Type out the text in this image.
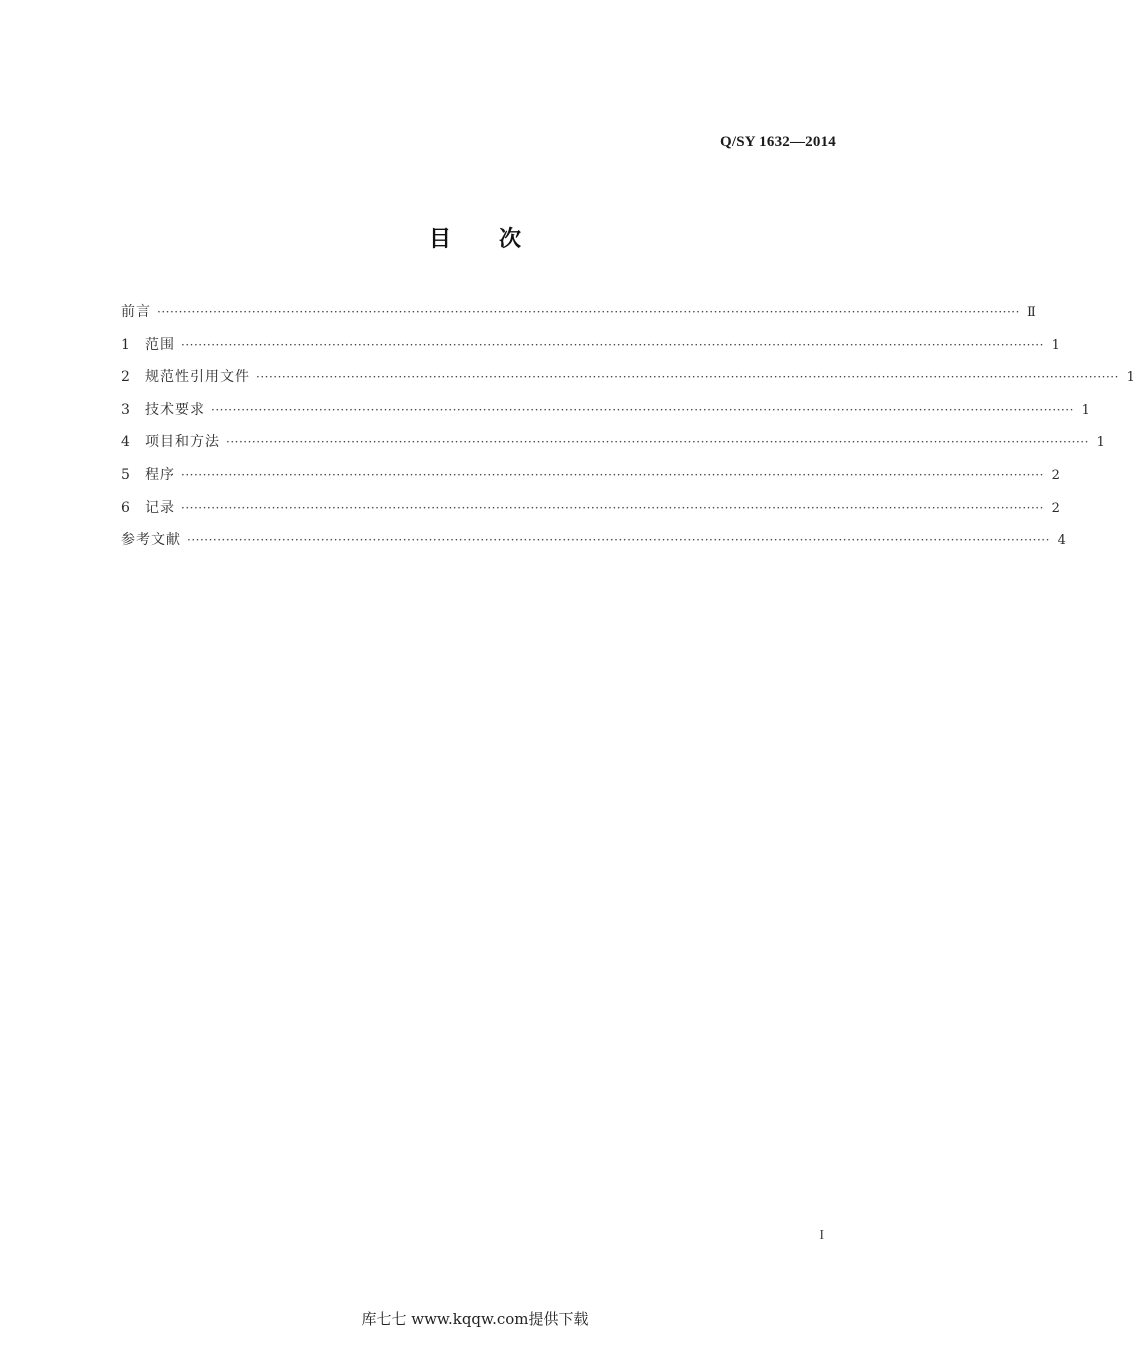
Q/SY 1632—2014
目 次
前言 ········································································································································································································ Ⅱ
1	范围 ········································································································································································································ 1
2	规范性引用文件 ········································································································································································································ 1
3	技术要求 ········································································································································································································ 1
4	项目和方法 ········································································································································································································ 1
5	程序 ········································································································································································································ 2
6	记录 ········································································································································································································ 2
参考文献 ········································································································································································································ 4
I
库七七 www.kqqw.com提供下载
